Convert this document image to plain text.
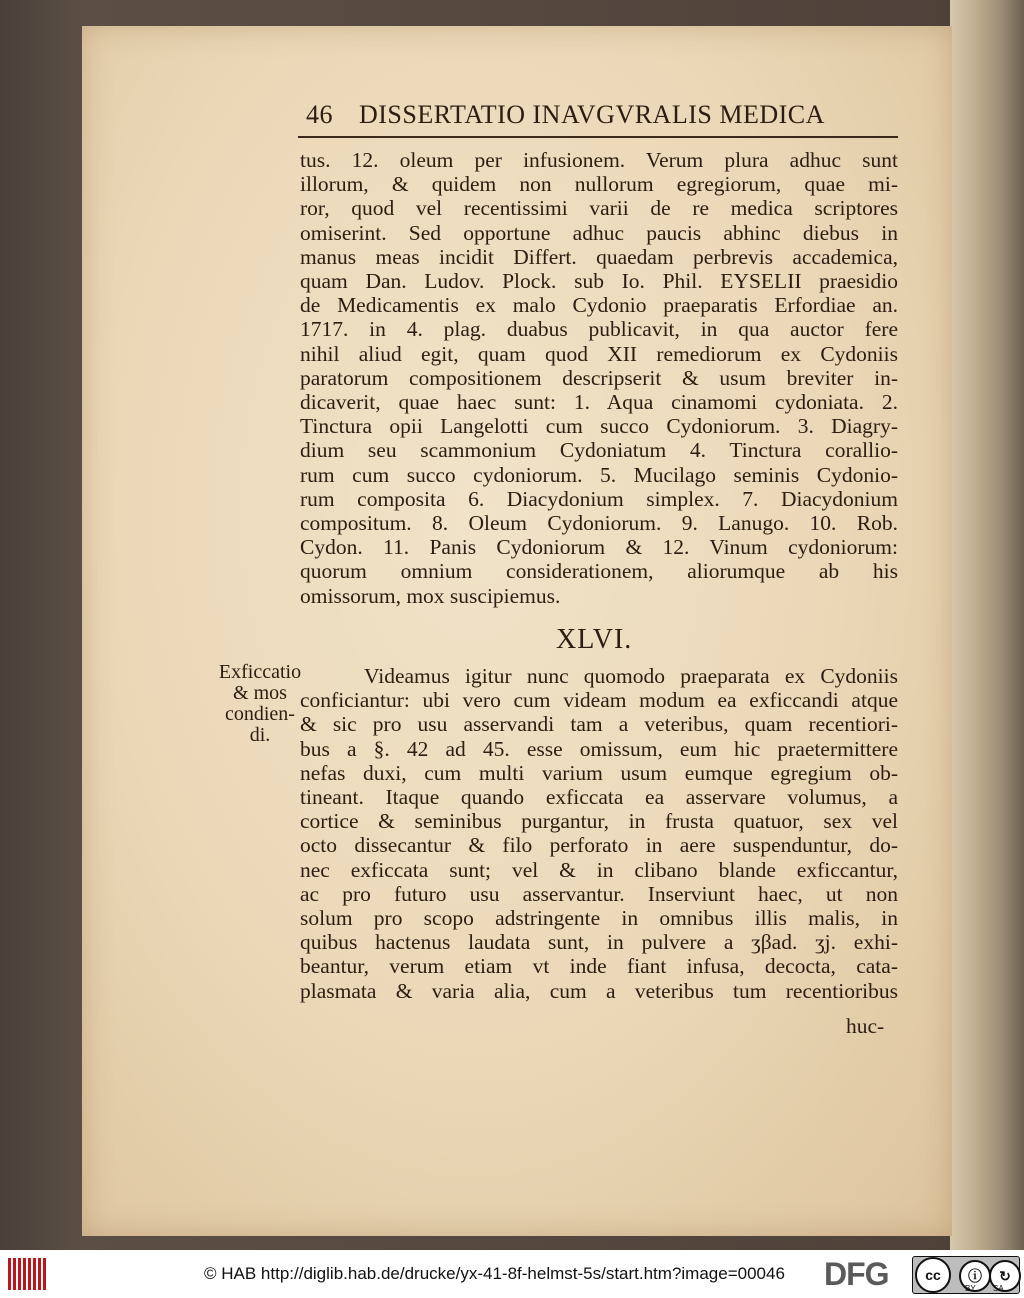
46 DISSERTATIO INAVGVRALIS MEDICA
tus. 12. oleum per infusionem. Verum plura adhuc sunt
illorum, & quidem non nullorum egregiorum, quae mi-
ror, quod vel recentissimi varii de re medica scriptores
omiserint. Sed opportune adhuc paucis abhinc diebus in
manus meas incidit Differt. quaedam perbrevis accademica,
quam Dan. Ludov. Plock. sub Io. Phil. EYSELII praesidio
de Medicamentis ex malo Cydonio praeparatis Erfordiae an.
1717. in 4. plag. duabus publicavit, in qua auctor fere
nihil aliud egit, quam quod XII remediorum ex Cydoniis
paratorum compositionem descripserit & usum breviter in-
dicaverit, quae haec sunt: 1. Aqua cinamomi cydoniata. 2.
Tinctura opii Langelotti cum succo Cydoniorum. 3. Diagry-
dium seu scammonium Cydoniatum 4. Tinctura corallio-
rum cum succo cydoniorum. 5. Mucilago seminis Cydonio-
rum composita 6. Diacydonium simplex. 7. Diacydonium
compositum. 8. Oleum Cydoniorum. 9. Lanugo. 10. Rob.
Cydon. 11. Panis Cydoniorum & 12. Vinum cydoniorum:
quorum omnium considerationem, aliorumque ab his
omissorum, mox suscipiemus.
XLVI.
Exficcatio
& mos
condien-
di.
Videamus igitur nunc quomodo praeparata ex Cydoniis
conficiantur: ubi vero cum videam modum ea exficcandi atque
& sic pro usu asservandi tam a veteribus, quam recentiori-
bus a §. 42 ad 45. esse omissum, eum hic praetermittere
nefas duxi, cum multi varium usum eumque egregium ob-
tineant. Itaque quando exficcata ea asservare volumus, a
cortice & seminibus purgantur, in frusta quatuor, sex vel
octo dissecantur & filo perforato in aere suspenduntur, do-
nec exficcata sunt; vel & in clibano blande exficcantur,
ac pro futuro usu asservantur. Inserviunt haec, ut non
solum pro scopo adstringente in omnibus illis malis, in
quibus hactenus laudata sunt, in pulvere a ʒβad. ʒj. exhi-
beantur, verum etiam vt inde fiant infusa, decocta, cata-
plasmata & varia alia, cum a veteribus tum recentioribus
huc-
© HAB http://diglib.hab.de/drucke/yx-41-8f-helmst-5s/start.htm?image=00046 DFG	cc	ⓘ	↻
BY SA
